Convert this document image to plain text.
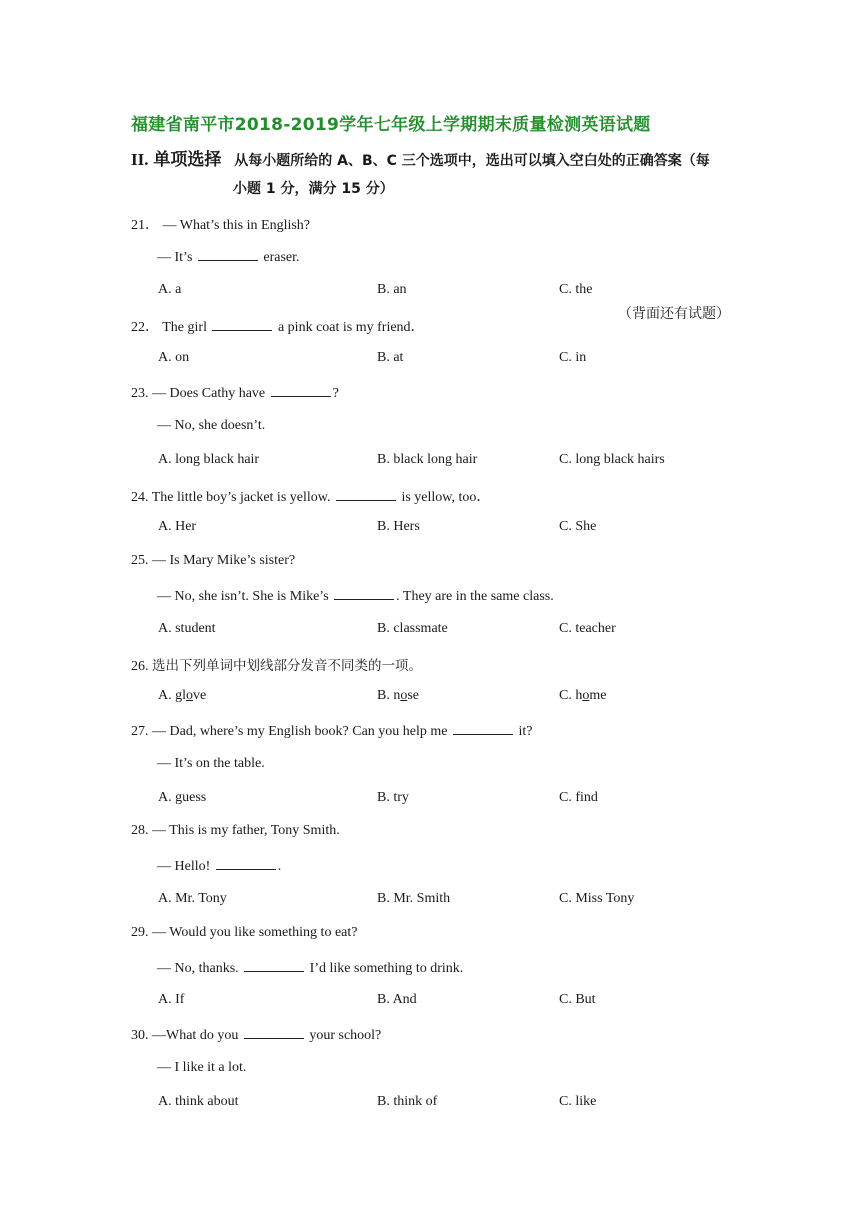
福建省南平市2018-2019学年七年级上学期期末质量检测英语试题
II. 单项选择 从每小题所给的 A、B、C 三个选项中，选出可以填入空白处的正确答案（每
小题 1 分，满分 15 分）
（背面还有试题）
21． — What’s this in English?
— It’s	eraser.
A. a	B. an	C. the
22． The girl	a pink coat is my friend．
A. on	B. at	C. in
23. — Does Cathy have	?
— No, she doesn’t.
A. long black hair	B. black long hair	C. long black hairs
24. The little boy’s jacket is yellow.	is yellow, too．
A. Her	B. Hers	C. She
25. — Is Mary Mike’s sister?
— No, she isn’t. She is Mike’s	. They are in the same class.
A. student	B. classmate	C. teacher
26. 选出下列单词中划线部分发音不同类的一项。
A. glove	B. nose	C. home
27. — Dad, where’s my English book? Can you help me	it?
— It’s on the table.
A. guess	B. try	C. find
28. — This is my father, Tony Smith.
— Hello!	.
A. Mr. Tony	B. Mr. Smith	C. Miss Tony
29. — Would you like something to eat?
— No, thanks.	I’d like something to drink.
A. If	B. And	C. But
30. —What do you	your school?
— I like it a lot.
A. think about	B. think of	C. like
